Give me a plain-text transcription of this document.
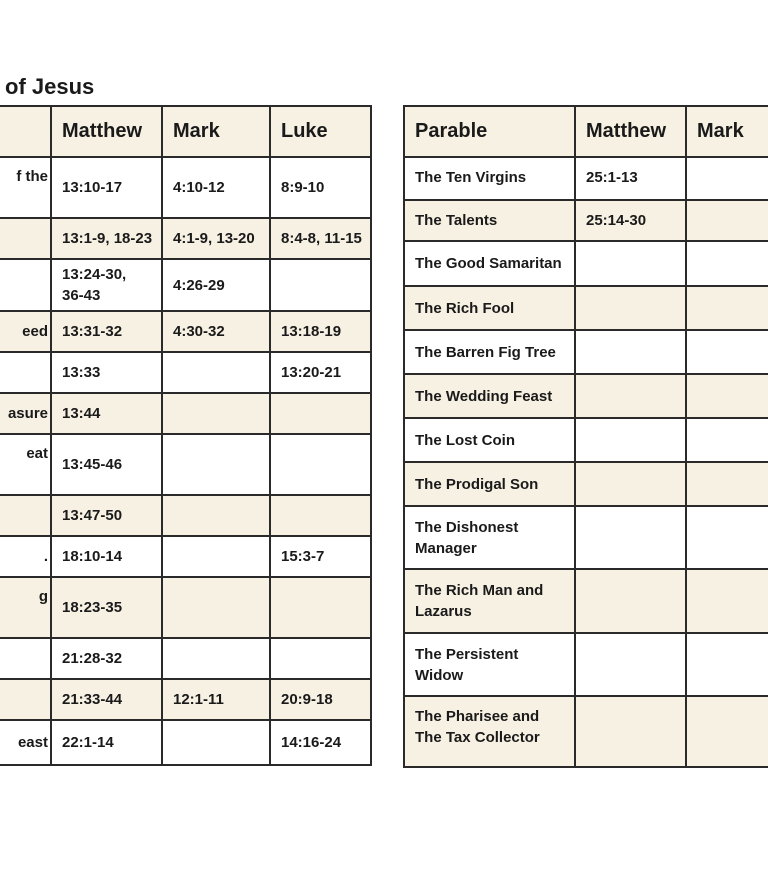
of Jesus
	Matthew	Mark	Luke
f the	13:10-17	4:10-12	8:9-10
	13:1-9, 18-23	4:1-9, 13-20	8:4-8, 11-15
	13:24-30, 36-43	4:26-29	
eed	13:31-32	4:30-32	13:18-19
	13:33		13:20-21
asure	13:44		
eat	13:45-46		
	13:47-50		
.	18:10-14		15:3-7
g	18:23-35		
	21:28-32		
	21:33-44	12:1-11	20:9-18
east	22:1-14		14:16-24
Parable	Matthew	Mark
The Ten Virgins	25:1-13	
The Talents	25:14-30	
The Good Samaritan		
The Rich Fool		
The Barren Fig Tree		
The Wedding Feast		
The Lost Coin		
The Prodigal Son		
The Dishonest Manager		
The Rich Man and Lazarus		
The Persistent Widow		
The Pharisee and The Tax Collector		
